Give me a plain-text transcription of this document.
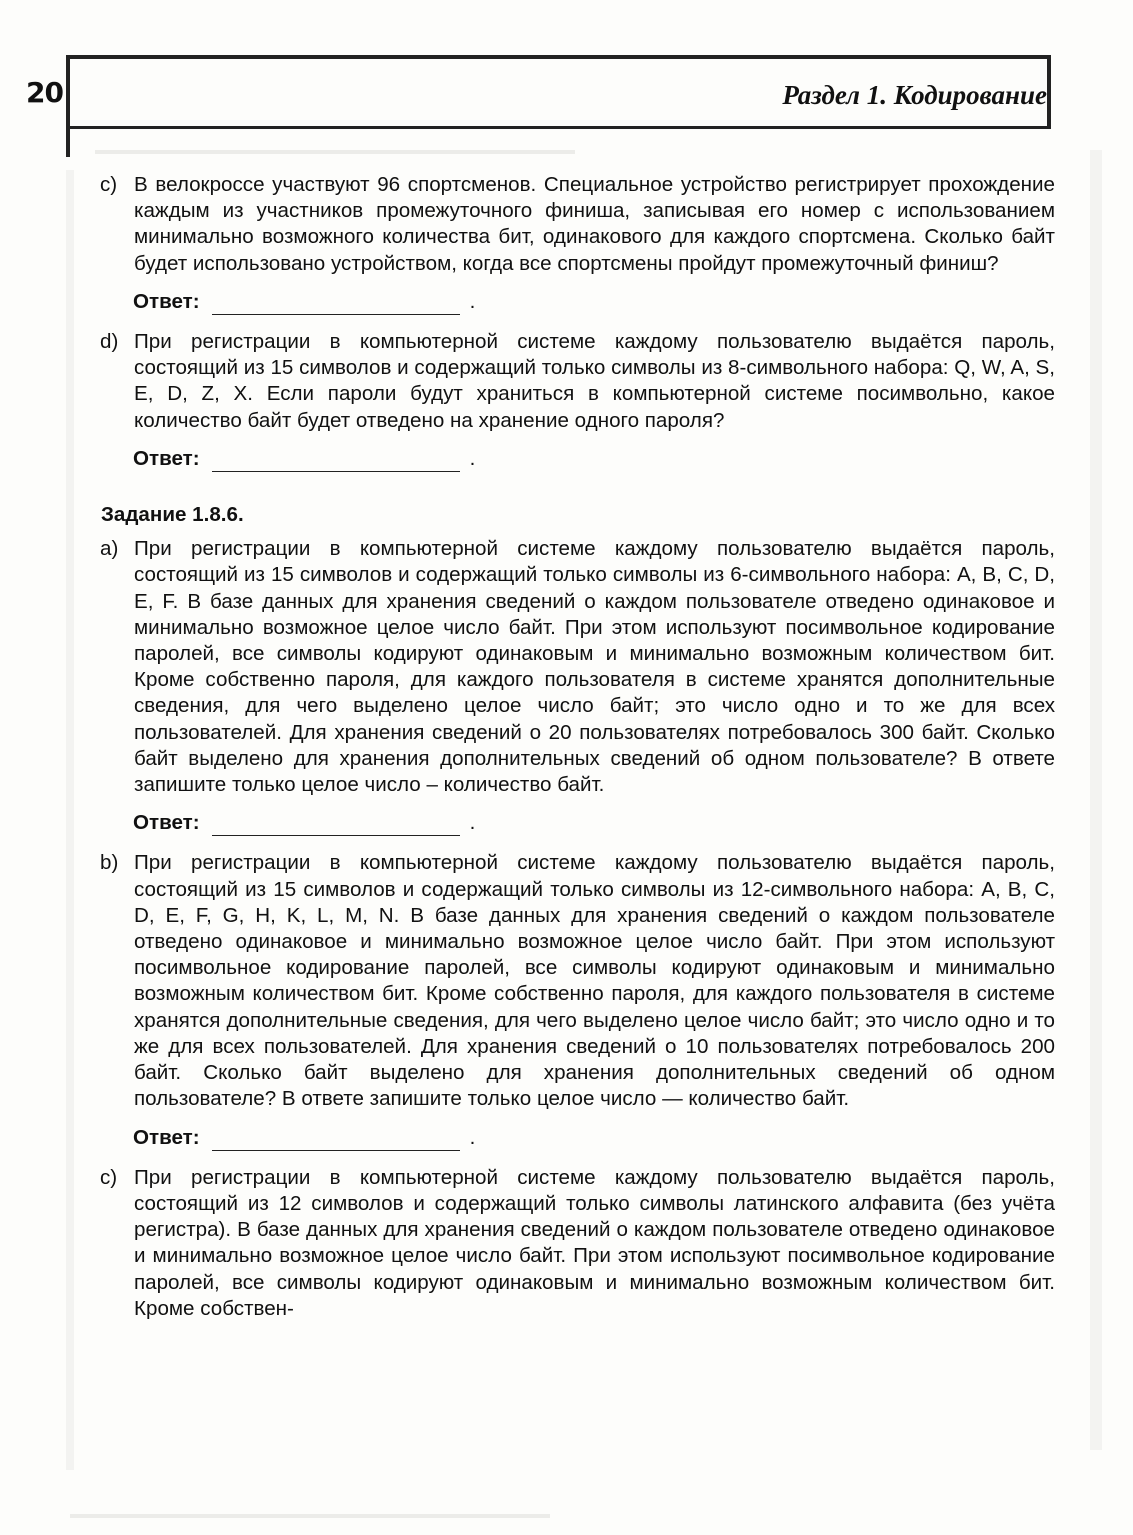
20	Раздел 1. Кодирование
c) В велокроссе участвуют 96 спортсменов. Специальное устройство регистрирует прохождение каждым из участников промежуточного финиша, записывая его номер с использованием минимально возможного количества бит, одинакового для каждого спортсмена. Сколько байт будет использовано устройством, когда все спортсмены пройдут промежуточный финиш?
Ответ:	.
d) При регистрации в компьютерной системе каждому пользователю выдаётся пароль, состоящий из 15 символов и содержащий только символы из 8-символьного набора: Q, W, A, S, E, D, Z, X. Если пароли будут храниться в компьютерной системе посимвольно, какое количество байт будет отведено на хранение одного пароля?
Ответ:	.
Задание 1.8.6.
a) При регистрации в компьютерной системе каждому пользователю выдаётся пароль, состоящий из 15 символов и содержащий только символы из 6-символьного набора: А, В, С, D, Е, F. В базе данных для хранения сведений о каждом пользователе отведено одинаковое и минимально возможное целое число байт. При этом используют посимвольное кодирование паролей, все символы кодируют одинаковым и минимально возможным количеством бит. Кроме собственно пароля, для каждого пользователя в системе хранятся дополнительные сведения, для чего выделено целое число байт; это число одно и то же для всех пользователей. Для хранения сведений о 20 пользователях потребовалось 300 байт. Сколько байт выделено для хранения дополнительных сведений об одном пользователе? В ответе запишите только целое число – количество байт.
Ответ:	.
b) При регистрации в компьютерной системе каждому пользователю выдаётся пароль, состоящий из 15 символов и содержащий только символы из 12-символьного набора: А, В, С, D, Е, F, G, H, K, L, M, N. В базе данных для хранения сведений о каждом пользователе отведено одинаковое и минимально возможное целое число байт. При этом используют посимвольное кодирование паролей, все символы кодируют одинаковым и минимально возможным количеством бит. Кроме собственно пароля, для каждого пользователя в системе хранятся дополнительные сведения, для чего выделено целое число байт; это число одно и то же для всех пользователей. Для хранения сведений о 10 пользователях потребовалось 200 байт. Сколько байт выделено для хранения дополнительных сведений об одном пользователе? В ответе запишите только целое число — количество байт.
Ответ:	.
c) При регистрации в компьютерной системе каждому пользователю выдаётся пароль, состоящий из 12 символов и содержащий только символы латинского алфавита (без учёта регистра). В базе данных для хранения сведений о каждом пользователе отведено одинаковое и минимально возможное целое число байт. При этом используют посимвольное кодирование паролей, все символы кодируют одинаковым и минимально возможным количеством бит. Кроме собствен-
